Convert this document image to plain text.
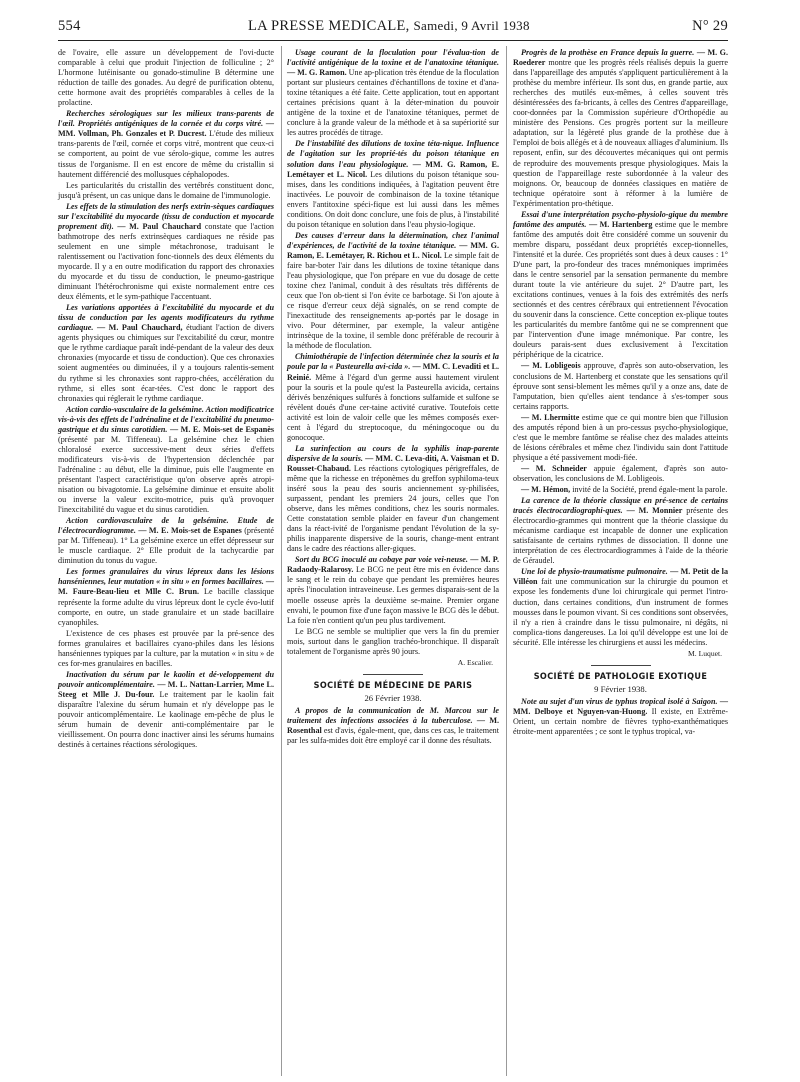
554	LA PRESSE MEDICALE, Samedi, 9 Avril 1938	N° 29

de l'ovaire, elle assure un développement de l'ovi-ducte comparable à celui que produit l'injection de folliculine ; 2° L'hormone lutéinisante ou gonado-stimuline B détermine une réduction de taille des gonades. Au degré de purification obtenu, cette hormone avait des propriétés comparables à celles de la prolactine.

Recherches sérologiques sur les milieux trans-parents de l'œil. Propriétés antigéniques de la cornée et du corps vitré. — MM. Vollman, Ph. Gonzales et P. Ducrest. L'étude des milieux trans-parents de l'œil, cornée et corps vitré, montrent que ceux-ci se comportent, au point de vue sérolo-gique, comme les autres tissus de l'organisme. Il en est encore de même du cristallin si hautement différencié des mollusques céphalopodes.

Les particularités du cristallin des vertébrés constituent donc, jusqu'à présent, un cas unique dans le domaine de l'immunologie.

Les effets de la stimulation des nerfs extrin-sèques cardiaques sur l'excitabilité du myocarde (tissu de conduction et myocarde proprement dit). — M. Paul Chauchard constate que l'action bathmotrope des nerfs extrinsèques cardiaques ne réside pas seulement en une simple métachronose, traduisant le ralentissement ou l'activation fonc-tionnels des deux éléments du myocarde. Il y a en outre modification du rapport des chronaxies du myocarde et du tissu de conduction, le pneumo-gastrique diminuant l'hétérochronisme qui existe normalement entre ces deux éléments, et le sym-pathique l'accentuant.

Les variations apportées à l'excitabilité du myocarde et du tissu de conduction par les agents modificateurs du rythme cardiaque. — M. Paul Chauchard, étudiant l'action de divers agents physiques ou chimiques sur l'excitabilité du cœur, montre que le rythme cardiaque paraît indé-pendant de la valeur des deux chronaxies (myocarde et tissu de conduction). Que ces chronaxies soient augmentées ou diminuées, il y a toujours ralentis-sement du rythme si les chronaxies sont rappro-chées, accélération du rythme, si elles sont écar-tées. C'est donc le rapport des chronaxies qui réglerait le rythme cardiaque.

Action cardio-vasculaire de la gelsémine. Action modificatrice vis-à-vis des effets de l'adrénaline et de l'excitabilité du pneumo-gastrique et du sinus carotidien. — M. E. Mois-set de Espanès (présenté par M. Tiffeneau). La gelsémine chez le chien chloralosé exerce successive-ment deux séries d'effets modificateurs vis-à-vis de l'hypertension déclenchée par l'adrénaline : au début, elle la diminue, puis elle l'augmente en présentant l'aspect caractéristique qu'on observe après atropi-nisation ou bivagotomie. La gelsémine diminue et ensuite abolit ou inverse la valeur excito-motrice, puis qu'à provoquer l'inexcitabilité du vague et du sinus carotidien.

Action cardiovasculaire de la gelsémine. Etude de l'électrocardiogramme. — M. E. Mois-set de Espanes (présenté par M. Tiffeneau). 1° La gelsémine exerce un effet dépresseur sur le muscle cardiaque. 2° Elle produit de la tachycardie par diminution du tonus du vague.

Les formes granulaires du virus lépreux dans les lésions hanséniennes, leur mutation « in situ » en formes bacillaires. — M. Faure-Beau-lieu et Mlle C. Brun. Le bacille classique représente la forme adulte du virus lépreux dont le cycle évo-lutif comporte, en outre, un stade granulaire et un stade bacillaire cyanophiles.

L'existence de ces phases est prouvée par la pré-sence des formes granulaires et bacillaires cyano-philes dans les lésions hanséniennes typiques par la culture, par la mutation « in situ » de ces for-mes granulaires en bacilles.

Inactivation du sérum par le kaolin et dé-veloppement du pouvoir anticomplémentaire. — M. L. Nattan-Larrier, Mme L. Steeg et Mlle J. Du-four. Le traitement par le kaolin fait disparaître l'alexine du sérum humain et n'y développe pas le pouvoir anticomplémentaire. Le kaolinage em-pêche de plus le sérum humain de devenir anti-complémentaire par le vieillissement. On pourra donc inactiver ainsi les sérums humains destinés à certaines réactions sérologiques.

Usage courant de la floculation pour l'évalua-tion de l'activité antigénique de la toxine et de l'anatoxine tétanique. — M. G. Ramon. Une ap-plication très étendue de la floculation portant sur plusieurs centaines d'échantillons de toxine et d'ana-toxine tétaniques a été faite. Cette application, tout en apportant certaines précisions quant à la déter-mination du pouvoir antigène de la toxine et de l'anatoxine tétaniques, permet de conclure à la grande valeur de la méthode et à sa supériorité sur les autres procédés de titrage.

De l'instabilité des dilutions de toxine téta-nique. Influence de l'agitation sur les proprié-tés du poison tétanique en solution dans l'eau physiologique. — MM. G. Ramon, E. Lemétayer et L. Nicol. Les dilutions du poison tétanique sou-mises, dans les conditions indiquées, à l'agitation peuvent être inactivées. Le pouvoir de combinaison de la toxine tétanique envers l'antitoxine spéci-fique est lui aussi dans les mêmes conditions. On doit donc conclure, une fois de plus, à l'instabilité du poison tétanique en solution dans l'eau physio-logique.

Des causes d'erreur dans la détermination, chez l'animal d'expériences, de l'activité de la toxine tétanique. — MM. G. Ramon, E. Lemétayer, R. Richou et L. Nicol. Le simple fait de faire bar-boter l'air dans les dilutions de toxine tétanique dans l'eau physiologique, que l'on prépare en vue du dosage de cette toxine chez l'animal, conduit à des résultats très différents de ceux que l'on ob-tient si l'on évite ce barbotage. Si l'on ajoute à ce risque d'erreur ceux déjà signalés, on se rend compte de l'inexactitude des renseignements ap-portés par le dosage in vivo. Pour déterminer, par exemple, la valeur antigène intrinsèque de la toxine, il semble donc préférable de recourir à la méthode de floculation.

Chimiothérapie de l'infection déterminée chez la souris et la poule par la « Pasteurella avi-cida ». — MM. C. Levaditi et L. Reinié. Même à l'égard d'un germe aussi hautement virulent pour la souris et la poule qu'est la Pasteurella avicida, certains dérivés benzéniques sulfurés à fonctions sulfamide et sulfone se révèlent doués d'une cer-taine activité curative. Toutefois cette activité est loin de valoir celle que les mêmes composés exer-cent à l'égard du streptocoque, du méningocoque ou du gonocoque.

La surinfection au cours de la syphilis inap-parente dispersive de la souris. — MM. C. Leva-diti, A. Vaisman et D. Rousset-Chabaud. Les réactions cytologiques périgreffales, de même que la richesse en tréponèmes du greffon syphiloma-teux inséré sous la peau des souris anciennement sy-philisées, surpassent, pendant les premiers 24 jours, celles que l'on observe, dans les mêmes conditions, chez les souris normales. Cette constatation semble plaider en faveur d'un changement dans la réact-ivité de l'organisme pendant l'évolution de la sy-philis inapparente dispersive de la souris, change-ment entrant dans le cadre des réactions aller-giques.

Sort du BCG inoculé au cobaye par voie vei-neuse. — M. P. Radaody-Ralarosy. Le BCG ne peut être mis en évidence dans le sang et le rein du cobaye que pendant les premières heures après l'inoculation intraveineuse. Les germes disparais-sent de la moelle osseuse après la deuxième se-maine. Premier organe envahi, le poumon fixe d'une façon massive le BCG dès le début. La foie n'en contient qu'un peu plus tardivement.

Le BCG ne semble se multiplier que vers la fin du premier mois, surtout dans le ganglion trachéo-bronchique. Il disparaît totalement de l'organisme après 90 jours.

A. Escalier.

SOCIÉTÉ DE MÉDECINE DE PARIS
26 Février 1938.

A propos de la communication de M. Marcou sur le traitement des infections associées à la tuberculose. — M. Rosenthal est d'avis, égale-ment, que, dans ces cas, le traitement par les sulfa-mides doit être employé car il donne des résultats.

Progrès de la prothèse en France depuis la guerre. — M. G. Roederer montre que les progrès réels réalisés depuis la guerre dans l'appareillage des amputés s'appliquent particulièrement à la prothèse du membre inférieur. Ils sont dus, en grande partie, aux recherches des mutilés eux-mêmes, à celles souvent très désintéressées des fa-bricants, à celles des Centres d'appareillage, coor-données par la Commission supérieure d'Orthopédie au ministère des Pensions. Ces progrès portent sur la meilleure adaptation, sur la légèreté plus grande de la prothèse due à l'emploi de bois allégés et à de nouveaux alliages d'aluminium. Ils reposent, enfin, sur des découvertes mécaniques qui ont permis de reproduire des mouvements presque physiologiques. Mais la question de l'appareillage reste subordonnée à la valeur des moignons. Or, beaucoup de données classiques en matière de technique opératoire sont à réformer à la lumière de l'expérimentation pro-thétique.

Essai d'une interprétation psycho-physiolo-gique du membre fantôme des amputés. — M. Hartenberg estime que le membre fantôme des amputés doit être considéré comme un souvenir du membre disparu, possédant deux propriétés excep-tionnelles, l'intensité et la durée. Ces propriétés sont dues à deux causes : 1° D'une part, la pro-fondeur des traces mnémoniques imprimées dans le centre sensoriel par la sensation permanente du membre durant toute la vie antérieure du sujet. 2° D'autre part, les excitations continues, venues à la fois des extrémités des nerfs sectionnés et des centres cérébraux qui entretiennent l'évocation du souvenir dans la conscience. Cette conception ex-plique toutes les particularités du membre fantôme qui ne se comprennent que par l'intervention d'une image mnémonique. Par contre, les douleurs parais-sent dues exclusivement à l'excitation périphérique de la cicatrice.

— M. Lobligeois approuve, d'après son auto-observation, les conclusions de M. Hartenberg et constate que les sensations qu'il éprouve sont sensi-blement les mêmes qu'il y a onze ans, date de l'amputation, bien qu'elles aient tendance à s'es-tomper sous certains rapports.

— M. Lhermitte estime que ce qui montre bien que l'illusion des amputés répond bien à un pro-cessus psycho-physiologique, c'est que le membre fantôme se réalise chez des malades atteints de lésions cérébrales et même chez l'individu sain dont l'attitude physique a été passivement modi-fiée.

— M. Schneider appuie également, d'après son auto-observation, les conclusions de M. Lobligeois.

— M. Hémon, invité de la Société, prend égale-ment la parole.

La carence de la théorie classique en pré-sence de certains tracés électrocardiographi-ques. — M. Monnier présente des électrocardio-grammes qui montrent que la théorie classique du mécanisme cardiaque est incapable de donner une explication satisfaisante de certains rythmes de dissociation. Il donne une interprétation de ces électrocardiogrammes à l'aide de la théorie de Géraudel.

Une loi de physio-traumatisme pulmonaire. — M. Petit de la Villéon fait une communication sur la chirurgie du poumon et expose les fondements d'une loi chirurgicale qui permet l'intro-duction, dans certaines conditions, d'un instrument de formes mousses dans le poumon vivant. Si ces conditions sont observées, il n'y a rien à craindre dans le tissu pulmonaire, ni dégâts, ni complica-tions dangereuses. La loi qu'il développe est une loi de sécurité. Elle intéresse les chirurgiens et aussi les médecins.

M. Luquet.

SOCIÉTÉ DE PATHOLOGIE EXOTIQUE
9 Février 1938.

Note au sujet d'un virus de typhus tropical isolé à Saigon. — MM. Delboye et Nguyen-van-Huong. Il existe, en Extrême-Orient, un certain nombre de fièvres typho-exanthématiques étroite-ment apparentées ; ce sont le typhus tropical, va-
